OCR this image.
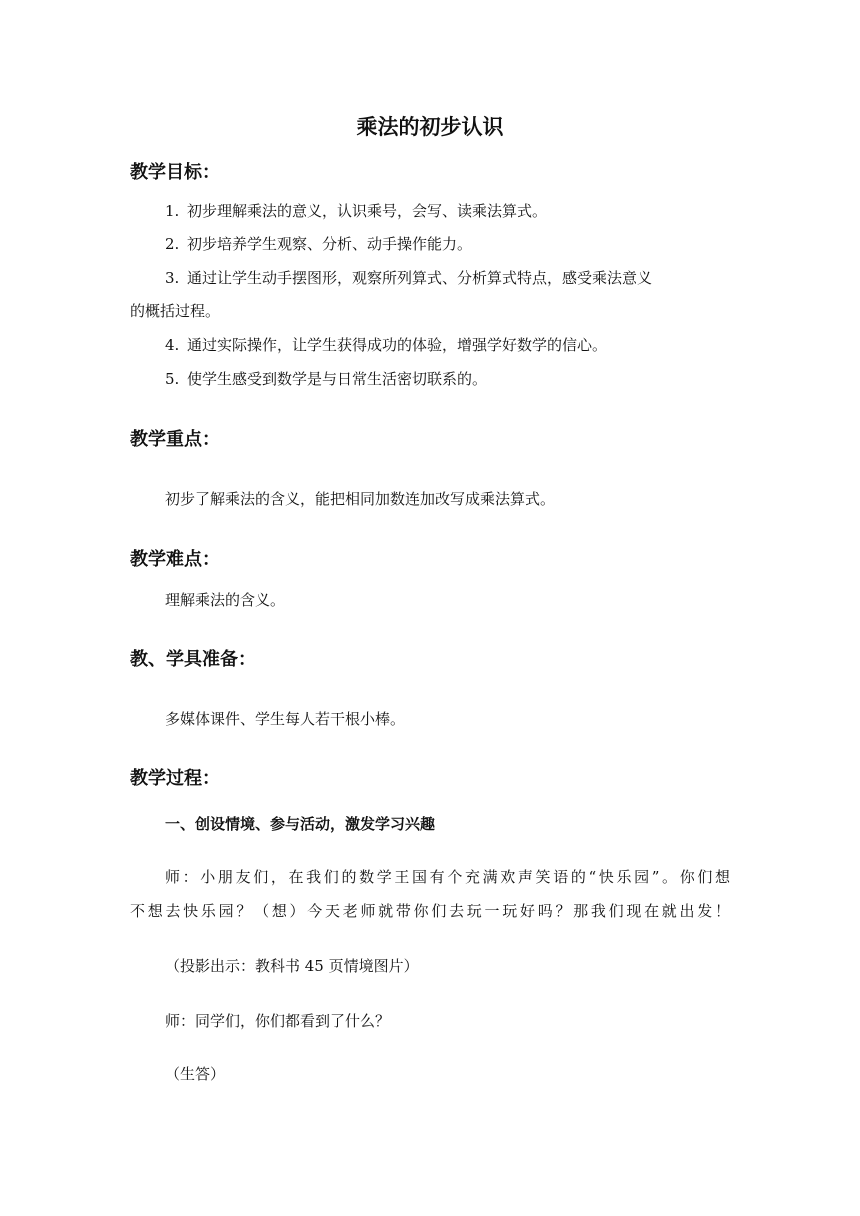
乘法的初步认识
教学目标：

1. 初步理解乘法的意义，认识乘号，会写、读乘法算式。

2. 初步培养学生观察、分析、动手操作能力。

3. 通过让学生动手摆图形，观察所列算式、分析算式特点，感受乘法意义

的概括过程。

4. 通过实际操作，让学生获得成功的体验，增强学好数学的信心。

5. 使学生感受到数学是与日常生活密切联系的。

教学重点：

初步了解乘法的含义，能把相同加数连加改写成乘法算式。

教学难点：

理解乘法的含义。

教、学具准备：

多媒体课件、学生每人若干根小棒。

教学过程：
一、创设情境、参与活动，激发学习兴趣

师：小朋友们，在我们的数学王国有个充满欢声笑语的“快乐园”。你们想

不想去快乐园？（想）今天老师就带你们去玩一玩好吗？那我们现在就出发！

（投影出示：教科书 45 页情境图片）

师：同学们，你们都看到了什么？

（生答）
